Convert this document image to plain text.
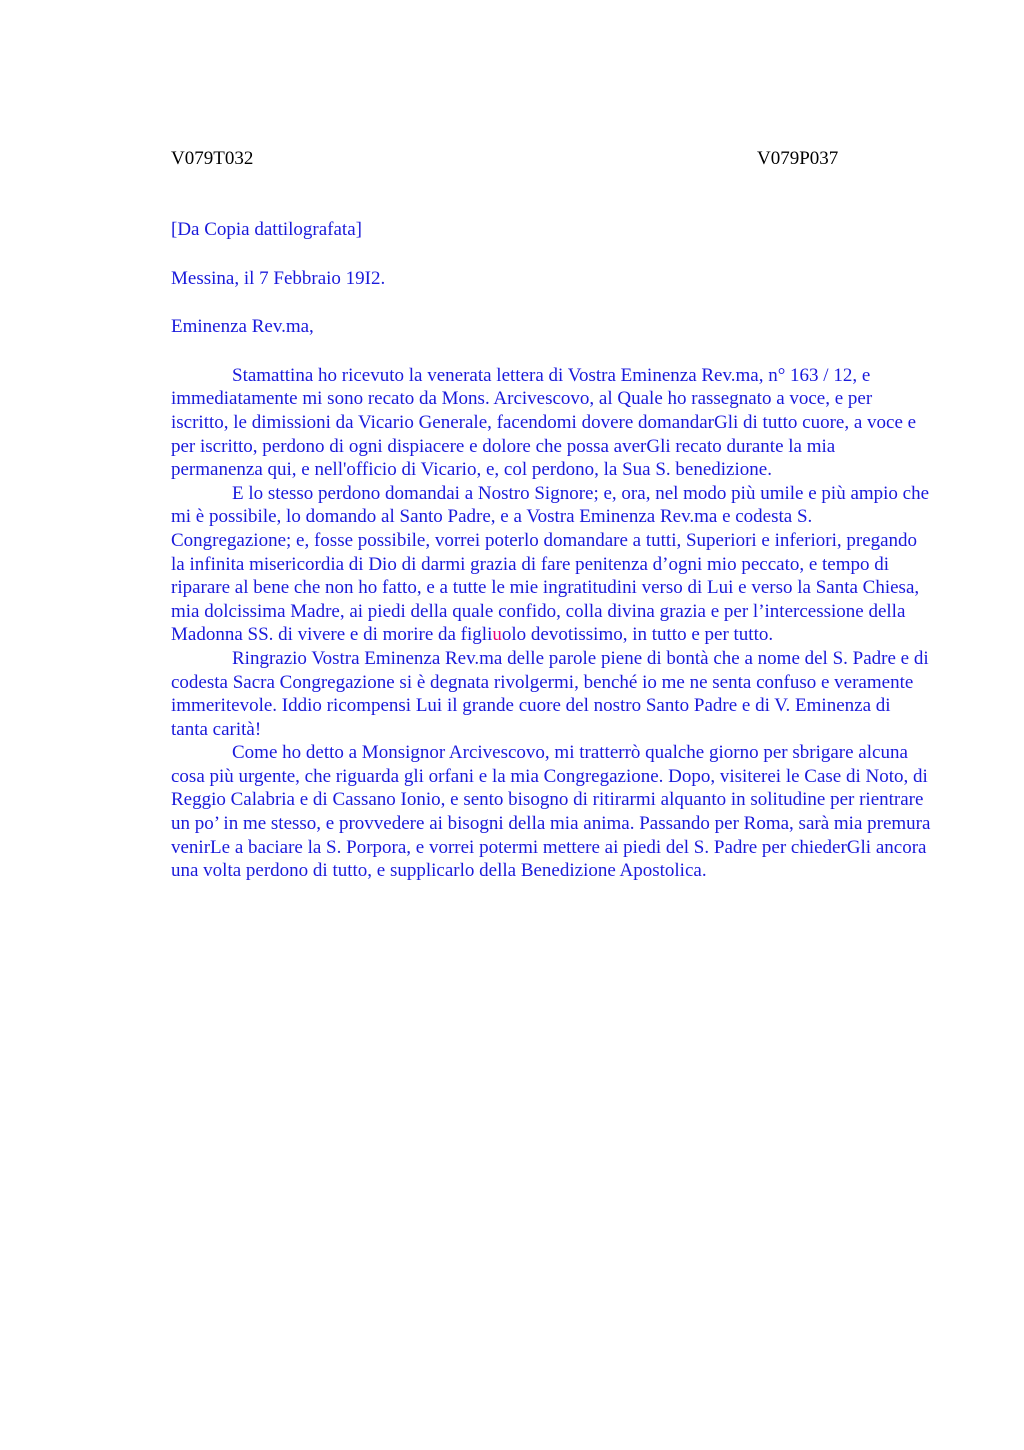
V079T032	V079P037

[Da Copia dattilografata]

Messina, il 7 Febbraio 19I2.

Eminenza Rev.ma,

Stamattina ho ricevuto la venerata lettera di Vostra Eminenza Rev.ma, n° 163 / 12, e immediatamente mi sono recato da Mons. Arcivescovo, al Quale ho rassegnato a voce, e per iscritto, le dimissioni da Vicario Generale, facendomi dovere domandarGli di tutto cuore, a voce e per iscritto, perdono di ogni dispiacere e dolore che possa averGli recato durante la mia permanenza qui, e nell'officio di Vicario, e, col perdono, la Sua S. benedizione.

E lo stesso perdono domandai a Nostro Signore; e, ora, nel modo più umile e più ampio che mi è possibile, lo domando al Santo Padre, e a Vostra Eminenza Rev.ma e codesta S. Congregazione; e, fosse possibile, vorrei poterlo domandare a tutti, Superiori e inferiori, pregando la infinita misericordia di Dio di darmi grazia di fare penitenza d’ogni mio peccato, e tempo di riparare al bene che non ho fatto, e a tutte le mie ingratitudini verso di Lui e verso la Santa Chiesa, mia dolcissima Madre, ai piedi della quale confido, colla divina grazia e per l’intercessione della Madonna SS. di vivere e di morire da figliuolo devotissimo, in tutto e per tutto.

Ringrazio Vostra Eminenza Rev.ma delle parole piene di bontà che a nome del S. Padre e di codesta Sacra Congregazione si è degnata rivolgermi, benché io me ne senta confuso e veramente immeritevole. Iddio ricompensi Lui il grande cuore del nostro Santo Padre e di V. Eminenza di tanta carità!

Come ho detto a Monsignor Arcivescovo, mi tratterrò qualche giorno per sbrigare alcuna cosa più urgente, che riguarda gli orfani e la mia Congregazione. Dopo, visiterei le Case di Noto, di Reggio Calabria e di Cassano Ionio, e sento bisogno di ritirarmi alquanto in solitudine per rientrare un po’ in me stesso, e provvedere ai bisogni della mia anima. Passando per Roma, sarà mia premura venirLe a baciare la S. Porpora, e vorrei potermi mettere ai piedi del S. Padre per chiederGli ancora una volta perdono di tutto, e supplicarlo della Benedizione Apostolica.
